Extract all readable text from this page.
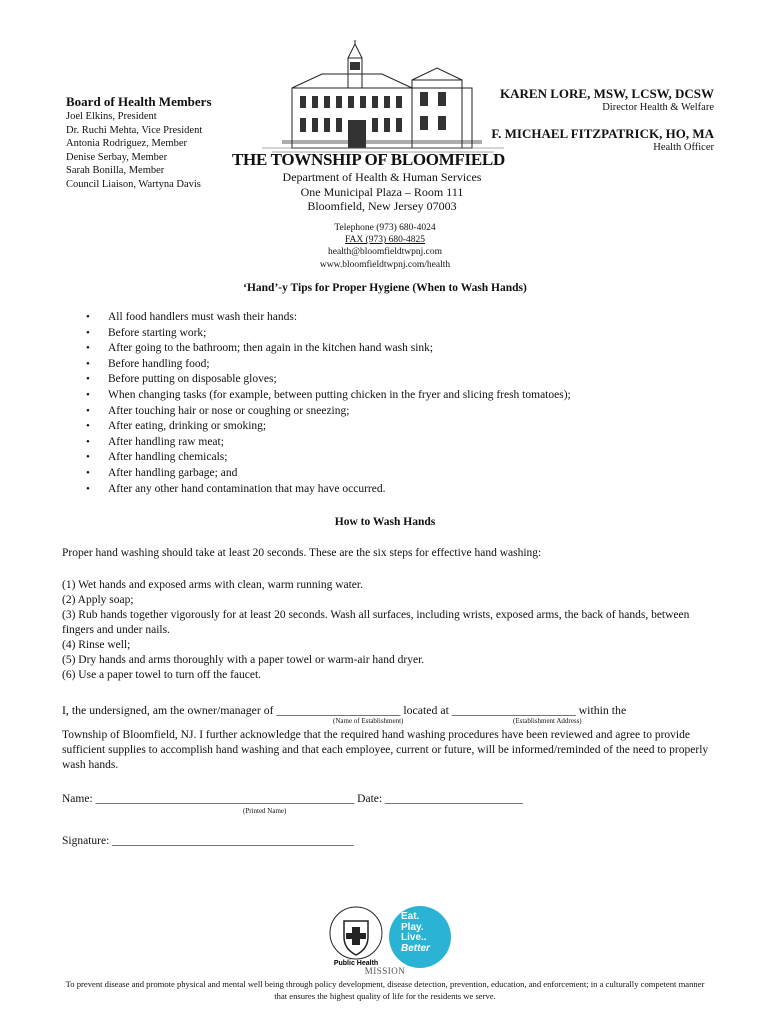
Board of Health Members
Joel Elkins, President
Dr. Ruchi Mehta, Vice President
Antonia Rodriguez, Member
Denise Serbay, Member
Sarah Bonilla, Member
Council Liaison, Wartyna Davis
THE TOWNSHIP OF BLOOMFIELD
Department of Health & Human Services
One Municipal Plaza – Room 111
Bloomfield, New Jersey 07003
KAREN LORE, MSW, LCSW, DCSW
Director Health & Welfare
F. MICHAEL FITZPATRICK, HO, MA
Health Officer
Telephone (973) 680-4024
FAX (973) 680-4825
health@bloomfieldtwpnj.com
www.bloomfieldtwpnj.com/health
‘Hand’-y Tips for Proper Hygiene (When to Wash Hands)
• All food handlers must wash their hands:
• Before starting work;
• After going to the bathroom; then again in the kitchen hand wash sink;
• Before handling food;
• Before putting on disposable gloves;
• When changing tasks (for example, between putting chicken in the fryer and slicing fresh tomatoes);
• After touching hair or nose or coughing or sneezing;
• After eating, drinking or smoking;
• After handling raw meat;
• After handling chemicals;
• After handling garbage; and
• After any other hand contamination that may have occurred.
How to Wash Hands
Proper hand washing should take at least 20 seconds. These are the six steps for effective hand washing:
(1) Wet hands and exposed arms with clean, warm running water.
(2) Apply soap;
(3) Rub hands together vigorously for at least 20 seconds. Wash all surfaces, including wrists, exposed arms, the back of hands, between fingers and under nails.
(4) Rinse well;
(5) Dry hands and arms thoroughly with a paper towel or warm-air hand dryer.
(6) Use a paper towel to turn off the faucet.
I, the undersigned, am the owner/manager of _____________________ located at _____________________ within the
(Name of Establishment)	(Establishment Address)
Township of Bloomfield, NJ. I further acknowledge that the required hand washing procedures have been reviewed and agree to provide sufficient supplies to accomplish hand washing and that each employee, current or future, will be informed/reminded of the need to properly wash hands.
Name: _____________________________________________ Date: ________________________
(Printed Name)
Signature: __________________________________________
Public Health
Eat.
Play.
Live..
Better
MISSION
To prevent disease and promote physical and mental well being through policy development, disease detection, prevention, education, and enforcement; in a culturally competent manner that ensures the highest quality of life for the residents we serve.
